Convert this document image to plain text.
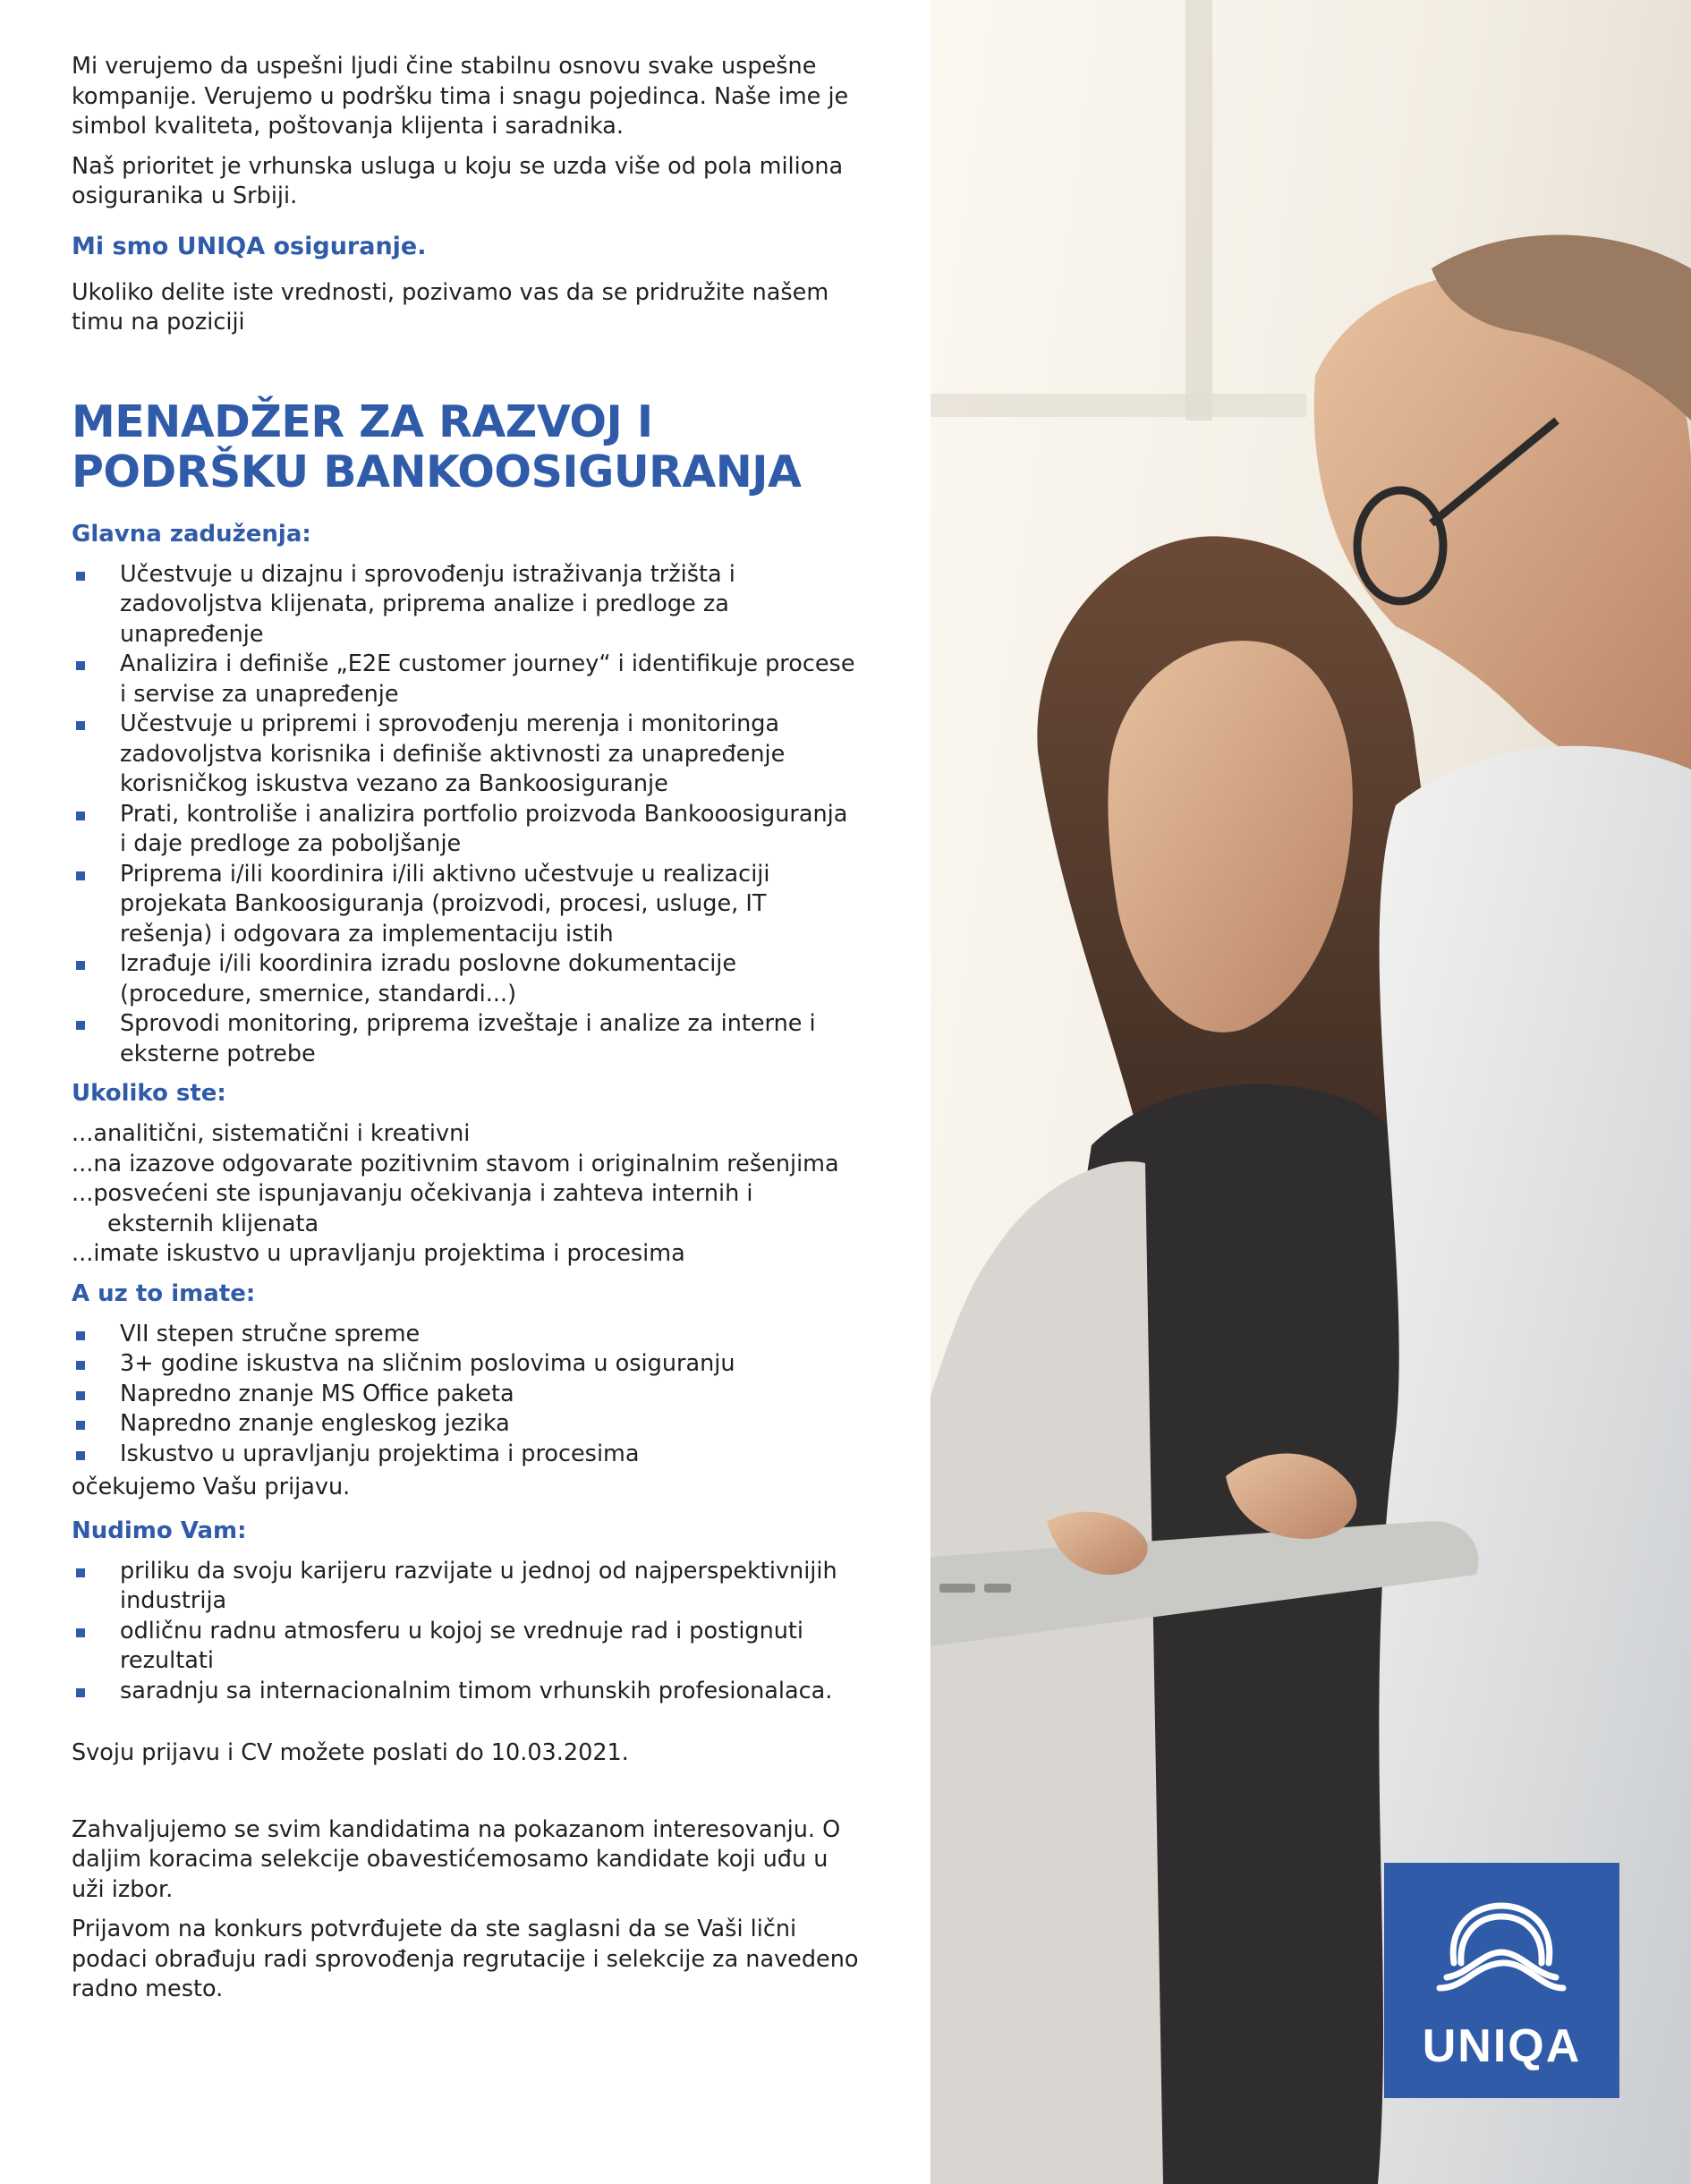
Mi verujemo da uspešni ljudi čine stabilnu osnovu svake uspešne kompanije. Verujemo u podršku tima i snagu pojedinca. Naše ime je simbol kvaliteta, poštovanja klijenta i saradnika.

Naš prioritet je vrhunska usluga u koju se uzda više od pola miliona osiguranika u Srbiji.

Mi smo UNIQA osiguranje.

Ukoliko delite iste vrednosti, pozivamo vas da se pridružite našem timu na poziciji

MENADŽER ZA RAZVOJ I PODRŠKU BANKOOSIGURANJA
Glavna zaduženja:
Učestvuje u dizajnu i sprovođenju istraživanja tržišta i zadovoljstva klijenata, priprema analize i predloge za unapređenje
Analizira i definiše „E2E customer journey“ i identifikuje procese i servise za unapređenje
Učestvuje u pripremi i sprovođenju merenja i monitoringa zadovoljstva korisnika i definiše aktivnosti za unapređenje korisničkog iskustva vezano za Bankoosiguranje
Prati, kontroliše i analizira portfolio proizvoda Bankooosiguranja i daje predloge za poboljšanje
Priprema i/ili koordinira i/ili aktivno učestvuje u realizaciji projekata Bankoosiguranja (proizvodi, procesi, usluge, IT rešenja) i odgovara za implementaciju istih
Izrađuje i/ili koordinira izradu poslovne dokumentacije (procedure, smernice, standardi...)
Sprovodi monitoring, priprema izveštaje i analize za interne i eksterne potrebe
Ukoliko ste:

...analitični, sistematični i kreativni

...na izazove odgovarate pozitivnim stavom i originalnim rešenjima

...posvećeni ste ispunjavanju očekivanja i zahteva internih i eksternih klijenata

...imate iskustvo u upravljanju projektima i procesima

A uz to imate:
VII stepen stručne spreme
3+ godine iskustva na sličnim poslovima u osiguranju
Napredno znanje MS Office paketa
Napredno znanje engleskog jezika
Iskustvo u upravljanju projektima i procesima

očekujemo Vašu prijavu.

Nudimo Vam:
priliku da svoju karijeru razvijate u jednoj od najperspektivnijih industrija
odličnu radnu atmosferu u kojoj se vrednuje rad i postignuti rezultati
saradnju sa internacionalnim timom vrhunskih profesionalaca.

Svoju prijavu i CV možete poslati do 10.03.2021.

Zahvaljujemo se svim kandidatima na pokazanom interesovanju. O daljim koracima selekcije obavestićemosamo kandidate koji uđu u uži izbor.

Prijavom na konkurs potvrđujete da ste saglasni da se Vaši lični podaci obrađuju radi sprovođenja regrutacije i selekcije za navedeno radno mesto.

UNIQA
